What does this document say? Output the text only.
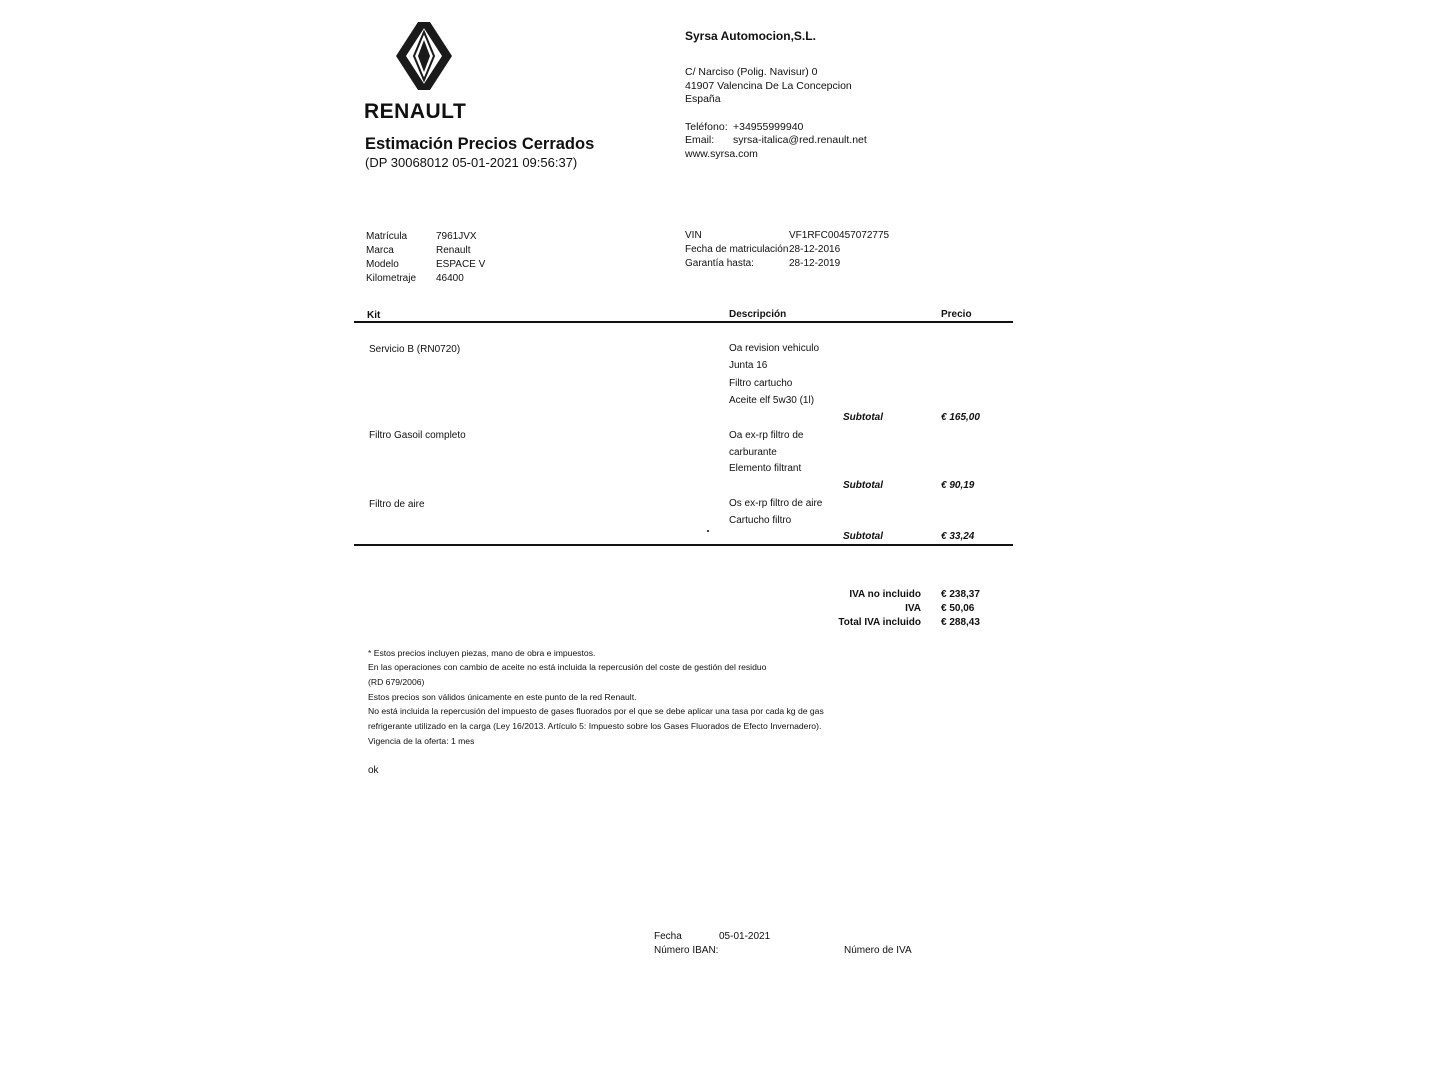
RENAULT
Estimación Precios Cerrados
(DP 30068012 05-01-2021 09:56:37)
Syrsa Automocion,S.L.
C/ Narciso (Polig. Navisur) 0
41907 Valencina De La Concepcion
España
Teléfono: +34955999940
Email: syrsa-italica@red.renault.net
www.syrsa.com
Matrícula	7961JVX
Marca	Renault
Modelo	ESPACE V
Kilometraje 46400
VIN	VF1RFC00457072775
Fecha de matriculación 28-12-2016
Garantía hasta:	28-12-2019
Kit	Descripción	Precio
Servicio B (RN0720)	Oa revision vehiculo
Junta 16
Filtro cartucho
Aceite elf 5w30 (1l)
Subtotal	€ 165,00
Filtro Gasoil completo	Oa ex-rp filtro de
carburante
Elemento filtrant
Subtotal	€ 90,19
Filtro de aire	Os ex-rp filtro de aire
Cartucho filtro
Subtotal	€ 33,24
IVA no incluido € 238,37
IVA € 50,06
Total IVA incluido € 288,43
* Estos precios incluyen piezas, mano de obra e impuestos.
En las operaciones con cambio de aceite no está incluida la repercusión del coste de gestión del residuo
(RD 679/2006)
Estos precios son válidos únicamente en este punto de la red Renault.
No está incluida la repercusión del impuesto de gases fluorados por el que se debe aplicar una tasa por cada kg de gas
refrigerante utilizado en la carga (Ley 16/2013. Artículo 5: Impuesto sobre los Gases Fluorados de Efecto Invernadero).
Vigencia de la oferta: 1 mes
ok
Fecha	05-01-2021
Número IBAN:	Número de IVA
